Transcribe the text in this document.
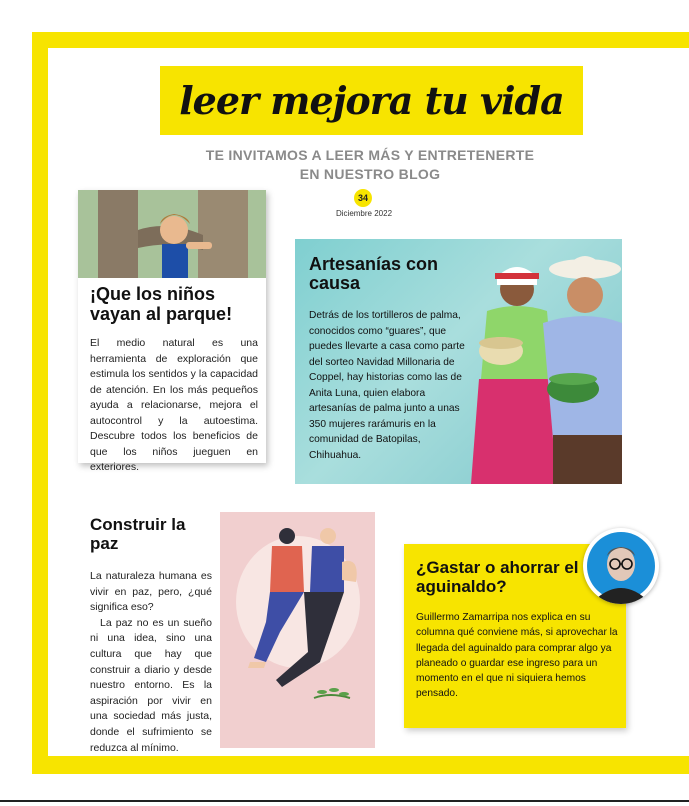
leer mejora tu vida
TE INVITAMOS A LEER MÁS Y ENTRETENERTE
EN NUESTRO BLOG
34
Diciembre 2022
¡Que los niños vayan al parque!

El medio natural es una herramienta de exploración que estimula los sentidos y la capacidad de atención. En los más pequeños ayuda a relacionarse, mejora el autocontrol y la autoestima. Descubre todos los beneficios de que los niños jueguen en exteriores.

Artesanías con causa

Detrás de los tortilleros de palma, conocidos como “guares”, que puedes llevarte a casa como parte del sorteo Navidad Millonaria de Coppel, hay historias como las de Anita Luna, quien elabora artesanías de palma junto a unas 350 mujeres rarámuris en la comunidad de Batopilas, Chihuahua.

Construir la paz
La naturaleza humana es vivir en paz, pero, ¿qué significa eso?
La paz no es un sueño ni una idea, sino una cultura que hay que construir a diario y desde nuestro entorno. Es la aspiración por vivir en una sociedad más justa, donde el sufrimiento se reduzca al mínimo.
¿Gastar o ahorrar el aguinaldo?

Guillermo Zamarripa nos explica en su columna qué conviene más, si aprovechar la llegada del aguinaldo para comprar algo ya planeado o guardar ese ingreso para un momento en el que ni siquiera hemos pensado.
